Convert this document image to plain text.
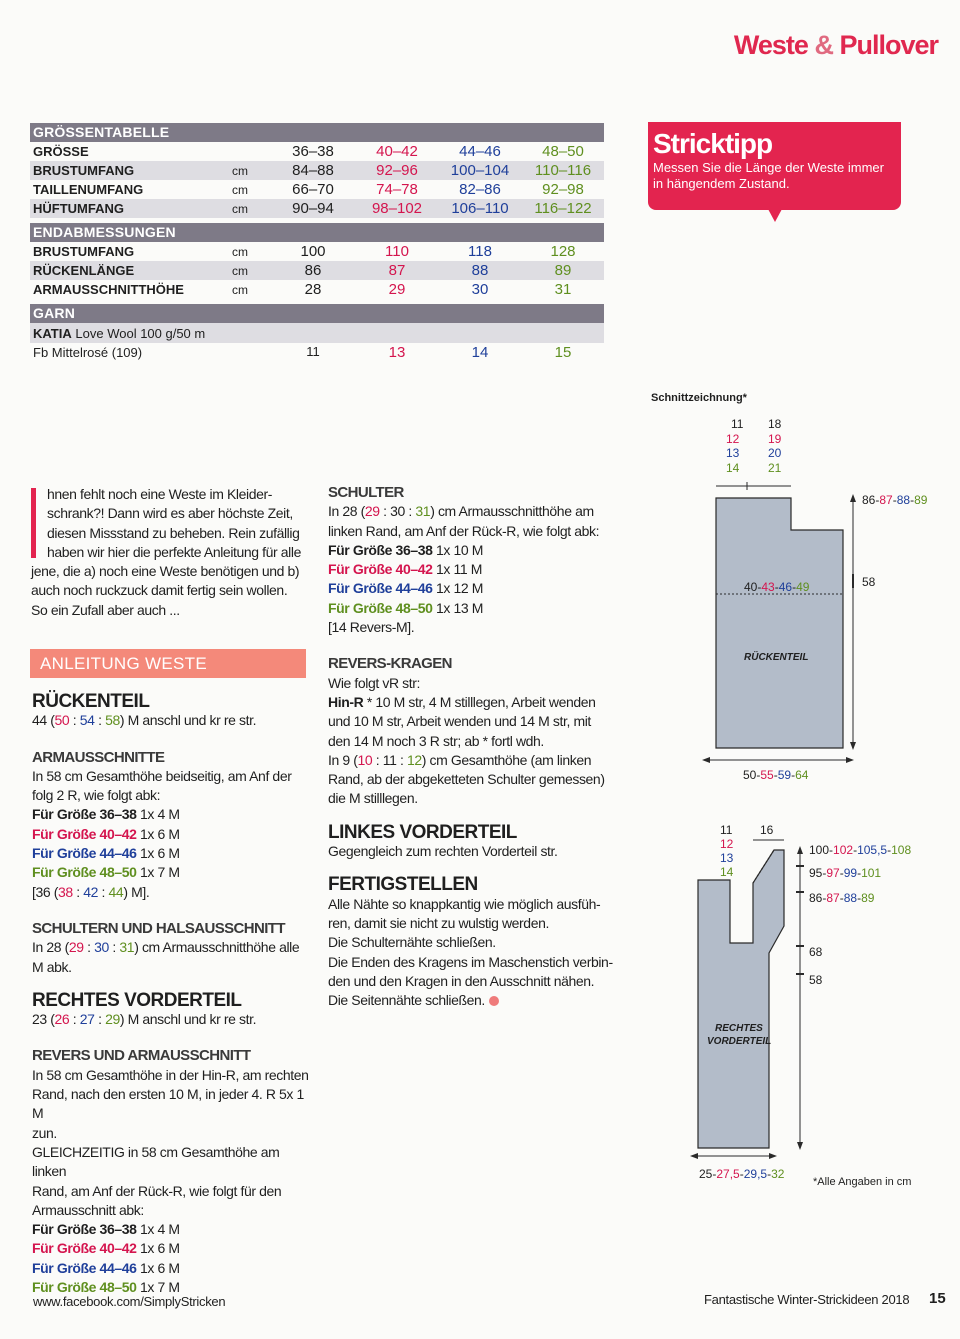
Weste & Pullover
GRÖSSENTABELLE
GRÖSSE	36–38	40–42	44–46	48–50
BRUSTUMFANG	cm	84–88	92–96	100–104	110–116
TAILLENUMFANG	cm	66–70	74–78	82–86	92–98
HÜFTUMFANG	cm	90–94	98–102	106–110	116–122
ENDABMESSUNGEN
BRUSTUMFANG	cm	100	110	118	128
RÜCKENLÄNGE	cm	86	87	88	89
ARMAUSSCHNITTHÖHE	cm	28	29	30	31
GARN
KATIA Love Wool 100 g/50 m
Fb Mittelrosé (109)	11	13	14	15
Stricktipp
Messen Sie die Länge der Weste immer in hängendem Zustand.

hnen fehlt noch eine Weste im Kleider-

schrank?! Dann wird es aber höchste Zeit,

diesen Missstand zu beheben. Rein zufällig

haben wir hier die perfekte Anleitung für alle

jene, die a) noch eine Weste benötigen und b)

auch noch ruckzuck damit fertig sein wollen.

So ein Zufall aber auch ...

ANLEITUNG WESTE

RÜCKENTEIL

44 (50 : 54 : 58) M anschl und kr re str.

ARMAUSSCHNITTE

In 58 cm Gesamthöhe beidseitig, am Anf der

folg 2 R, wie folgt abk:

Für Größe 36–38 1x 4 M

Für Größe 40–42 1x 6 M

Für Größe 44–46 1x 6 M

Für Größe 48–50 1x 7 M

[36 (38 : 42 : 44) M].

SCHULTERN UND HALSAUSSCHNITT

In 28 (29 : 30 : 31) cm Armausschnitthöhe alle

M abk.

RECHTES VORDERTEIL

23 (26 : 27 : 29) M anschl und kr re str.

REVERS UND ARMAUSSCHNITT

In 58 cm Gesamthöhe in der Hin-R, am rechten

Rand, nach den ersten 10 M, in jeder 4. R 5x 1 M

zun.

GLEICHZEITIG in 58 cm Gesamthöhe am linken

Rand, am Anf der Rück-R, wie folgt für den

Armausschnitt abk:

Für Größe 36–38 1x 4 M

Für Größe 40–42 1x 6 M

Für Größe 44–46 1x 6 M

Für Größe 48–50 1x 7 M

SCHULTER

In 28 (29 : 30 : 31) cm Armausschnitthöhe am

linken Rand, am Anf der Rück-R, wie folgt abk:

Für Größe 36–38 1x 10 M

Für Größe 40–42 1x 11 M

Für Größe 44–46 1x 12 M

Für Größe 48–50 1x 13 M

[14 Revers-M].

REVERS-KRAGEN

Wie folgt vR str:

Hin-R * 10 M str, 4 M stilllegen, Arbeit wenden

und 10 M str, Arbeit wenden und 14 M str, mit

den 14 M noch 3 R str; ab * fortl wdh.

In 9 (10 : 11 : 12) cm Gesamthöhe (am linken

Rand, ab der abgeketteten Schulter gemessen)

die M stilllegen.

LINKES VORDERTEIL

Gegengleich zum rechten Vorderteil str.

FERTIGSTELLEN

Alle Nähte so knappkantig wie möglich ausfüh-

ren, damit sie nicht zu wulstig werden.

Die Schulternähte schließen.

Die Enden des Kragens im Maschenstich verbin-

den und den Kragen in den Ausschnitt nähen.

Die Seitennähte schließen.

Schnittzeichnung*
11
12
13
14
18
19
20
21
86-87-88-89
58
40-43-46-49
RÜCKENTEIL
50-55-59-64
11
12
13
14
16
100-102-105,5-108
95-97-99-101
86-87-88-89
68
58
RECHTES
VORDERTEIL
25-27,5-29,5-32
*Alle Angaben in cm
www.facebook.com/SimplyStricken	Fantastische Winter-Strickideen 2018 15
